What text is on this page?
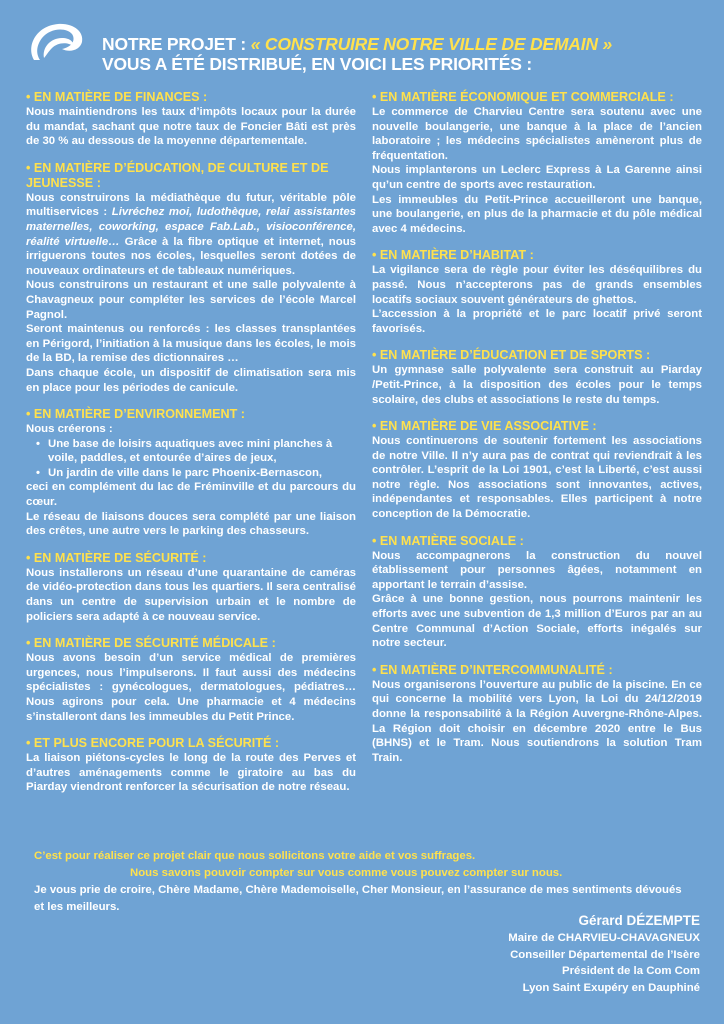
NOTRE PROJET : « CONSTRUIRE NOTRE VILLE DE DEMAIN »
VOUS A ÉTÉ DISTRIBUÉ, EN VOICI LES PRIORITÉS :
• EN MATIÈRE DE FINANCES :

Nous maintiendrons les taux d’impôts locaux pour la durée du mandat, sachant que notre taux de Foncier Bâti est près de 30 % au dessous de la moyenne départementale.

• EN MATIÈRE D’ÉDUCATION, DE CULTURE ET DE JEUNESSE :

Nous construirons la médiathèque du futur, véritable pôle multiservices : Livréchez moi, ludothèque, relai assistantes maternelles, coworking, espace Fab.Lab., visioconférence, réalité virtuelle… Grâce à la fibre optique et internet, nous irriguerons toutes nos écoles, lesquelles seront dotées de nouveaux ordinateurs et de tableaux numériques.

Nous construirons un restaurant et une salle polyvalente à Chavagneux pour compléter les services de l’école Marcel Pagnol.

Seront maintenus ou renforcés : les classes transplantées en Périgord, l’initiation à la musique dans les écoles, le mois de la BD, la remise des dictionnaires …

Dans chaque école, un dispositif de climatisation sera mis en place pour les périodes de canicule.

• EN MATIÈRE D’ENVIRONNEMENT :

Nous créerons :

• Une base de loisirs aquatiques avec mini planches à voile, paddles, et entourée d’aires de jeux,
• Un jardin de ville dans le parc Phoenix-Bernascon,

ceci en complément du lac de Fréminville et du parcours du cœur.

Le réseau de liaisons douces sera complété par une liaison des crêtes, une autre vers le parking des chasseurs.

• EN MATIÈRE DE SÉCURITÉ :

Nous installerons un réseau d’une quarantaine de caméras de vidéo-protection dans tous les quartiers. Il sera centralisé dans un centre de supervision urbain et le nombre de policiers sera adapté à ce nouveau service.

• EN MATIÈRE DE SÉCURITÉ MÉDICALE :

Nous avons besoin d’un service médical de premières urgences, nous l’impulserons. Il faut aussi des médecins spécialistes : gynécologues, dermatologues, pédiatres… Nous agirons pour cela. Une pharmacie et 4 médecins s’installeront dans les immeubles du Petit Prince.

• ET PLUS ENCORE POUR LA SÉCURITÉ :

La liaison piétons-cycles le long de la route des Perves et d’autres aménagements comme le giratoire au bas du Piarday viendront renforcer la sécurisation de notre réseau.

• EN MATIÈRE ÉCONOMIQUE ET COMMERCIALE :

Le commerce de Charvieu Centre sera soutenu avec une nouvelle boulangerie, une banque à la place de l’ancien laboratoire ; les médecins spécialistes amèneront plus de fréquentation.

Nous implanterons un Leclerc Express à La Garenne ainsi qu’un centre de sports avec restauration.

Les immeubles du Petit-Prince accueilleront une banque, une boulangerie, en plus de la pharmacie et du pôle médical avec 4 médecins.

• EN MATIÈRE D’HABITAT :

La vigilance sera de règle pour éviter les déséquilibres du passé. Nous n’accepterons pas de grands ensembles locatifs sociaux souvent générateurs de ghettos.

L’accession à la propriété et le parc locatif privé seront favorisés.

• EN MATIÈRE D’ÉDUCATION ET DE SPORTS :

Un gymnase salle polyvalente sera construit au Piarday /Petit-Prince, à la disposition des écoles pour le temps scolaire, des clubs et associations le reste du temps.

• EN MATIÈRE DE VIE ASSOCIATIVE :

Nous continuerons de soutenir fortement les associations de notre Ville. Il n’y aura pas de contrat qui reviendrait à les contrôler. L’esprit de la Loi 1901, c’est la Liberté, c’est aussi notre règle. Nos associations sont innovantes, actives, indépendantes et responsables. Elles participent à notre conception de la Démocratie.

• EN MATIÈRE SOCIALE :

Nous accompagnerons la construction du nouvel établissement pour personnes âgées, notamment en apportant le terrain d’assise.

Grâce à une bonne gestion, nous pourrons maintenir les efforts avec une subvention de 1,3 million d’Euros par an au Centre Communal d’Action Sociale, efforts inégalés sur notre secteur.

• EN MATIÈRE D’INTERCOMMUNALITÉ :

Nous organiserons l’ouverture au public de la piscine. En ce qui concerne la mobilité vers Lyon, la Loi du 24/12/2019 donne la responsabilité à la Région Auvergne-Rhône-Alpes. La Région doit choisir en décembre 2020 entre le Bus (BHNS) et le Tram. Nous soutiendrons la solution Tram Train.

C’est pour réaliser ce projet clair que nous sollicitons votre aide et vos suffrages.
Nous savons pouvoir compter sur vous comme vous pouvez compter sur nous.
Je vous prie de croire, Chère Madame, Chère Mademoiselle, Cher Monsieur, en l’assurance de mes sentiments dévoués et les meilleurs.
Gérard DÉZEMPTE
Maire de CHARVIEU-CHAVAGNEUX
Conseiller Départemental de l’Isère
Président de la Com Com
Lyon Saint Exupéry en Dauphiné
